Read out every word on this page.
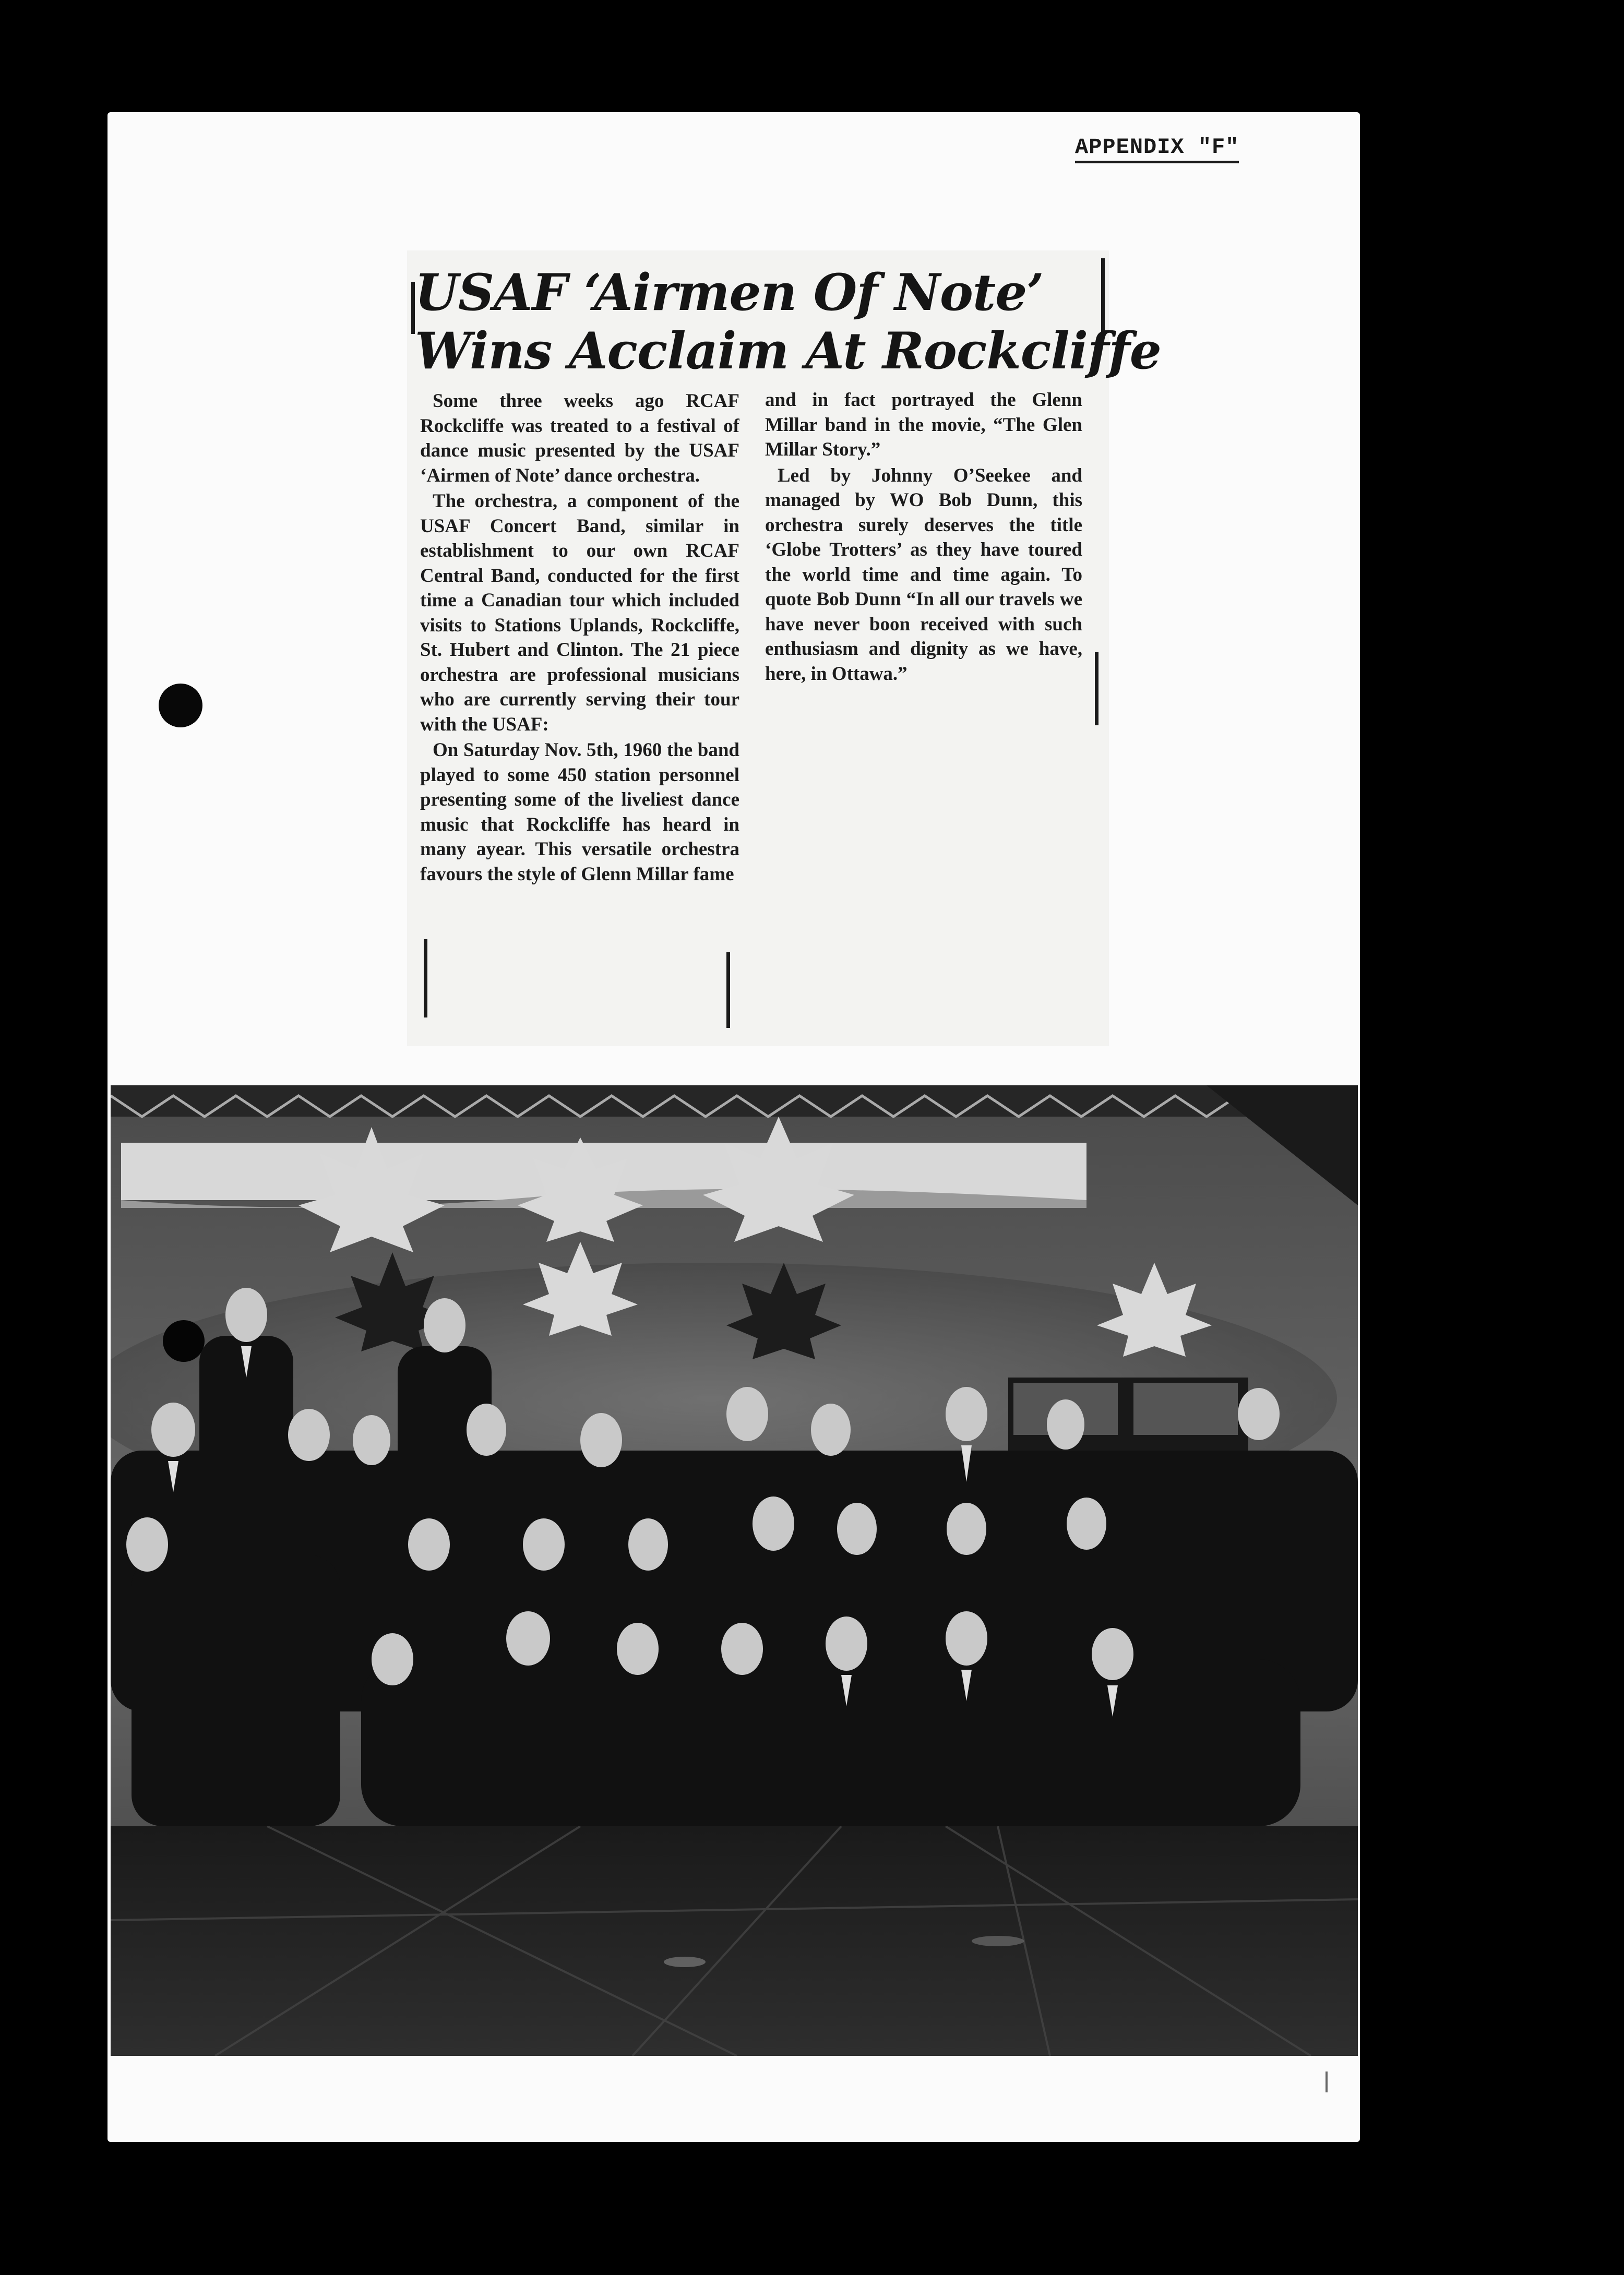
APPENDIX "F"
USAF ‘Airmen Of Note’
Wins Acclaim At Rockcliffe

Some three weeks ago RCAF Rockcliffe was treated to a festival of dance music presented by the USAF ‘Airmen of Note’ dance orchestra.

The orchestra, a component of the USAF Concert Band, similar in establishment to our own RCAF Central Band, conducted for the first time a Canadian tour which included visits to Stations Uplands, Rockcliffe, St. Hubert and Clinton. The 21 piece orchestra are professional musicians who are currently serving their tour with the USAF:

On Saturday Nov. 5th, 1960 the band played to some 450 station personnel presenting some of the liveliest dance music that Rockcliffe has heard in many ayear. This versatile orchestra favours the style of Glenn Millar fame

and in fact portrayed the Glenn Millar band in the movie, “The Glen Millar Story.”

Led by Johnny O’Seekee and managed by WO Bob Dunn, this orchestra surely deserves the title ‘Globe Trotters’ as they have toured the world time and time again. To quote Bob Dunn “In all our travels we have never boon received with such enthusiasm and dignity as we have, here, in Ottawa.”
